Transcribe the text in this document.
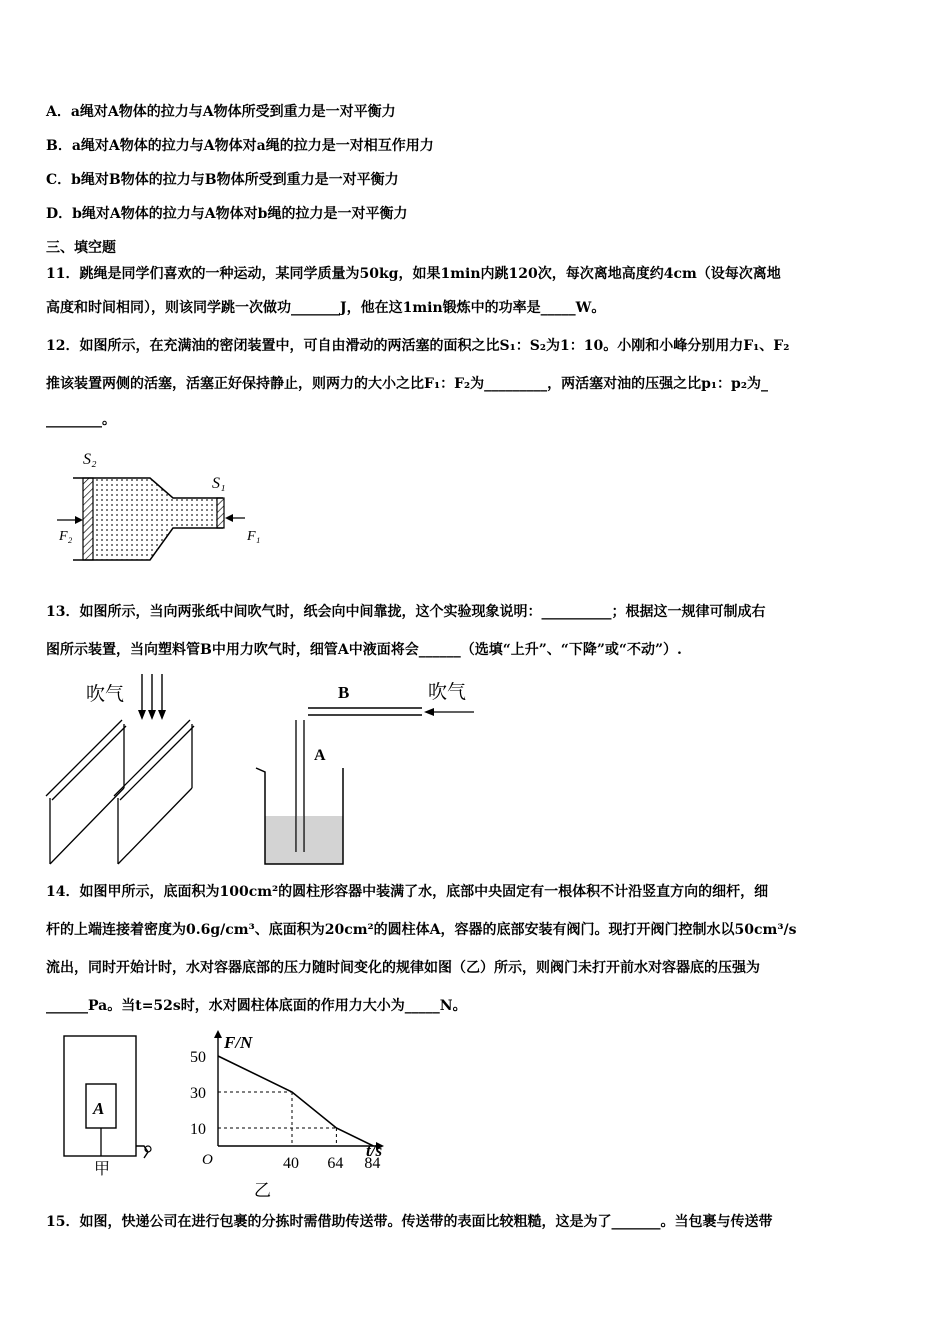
A．a绳对A物体的拉力与A物体所受到重力是一对平衡力
B．a绳对A物体的拉力与A物体对a绳的拉力是一对相互作用力
C．b绳对B物体的拉力与B物体所受到重力是一对平衡力
D．b绳对A物体的拉力与A物体对b绳的拉力是一对平衡力
三、填空题
11．跳绳是同学们喜欢的一种运动，某同学质量为50kg，如果1min内跳120次，每次离地高度约4cm（设每次离地
高度和时间相同），则该同学跳一次做功_______J，他在这1min锻炼中的功率是_____W。
12．如图所示，在充满油的密闭装置中，可自由滑动的两活塞的面积之比S₁：S₂为1：10。小刚和小峰分别用力F₁、F₂
推该装置两侧的活塞，活塞正好保持静止，则两力的大小之比F₁：F₂为_________，两活塞对油的压强之比p₁：p₂为_
________。
S₂
S₁
F₂	F₁
13．如图所示，当向两张纸中间吹气时，纸会向中间靠拢，这个实验现象说明：__________；根据这一规律可制成右
图所示装置，当向塑料管B中用力吹气时，细管A中液面将会______（选填“上升”、“下降”或“不动”）.
吹气	B	吹气
A
14．如图甲所示，底面积为100cm²的圆柱形容器中装满了水，底部中央固定有一根体积不计沿竖直方向的细杆，细
杆的上端连接着密度为0.6g/cm³、底面积为20cm²的圆柱体A，容器的底部安装有阀门。现打开阀门控制水以50cm³/s
流出，同时开始计时，水对容器底部的压力随时间变化的规律如图（乙）所示，则阀门未打开前水对容器底的压强为
______Pa。当t=52s时，水对圆柱体底面的作用力大小为_____N。
A
甲
F/N
t/s
O
50
30
10
40 64 84
乙
15．如图，快递公司在进行包裹的分拣时需借助传送带。传送带的表面比较粗糙，这是为了_______。当包裹与传送带
